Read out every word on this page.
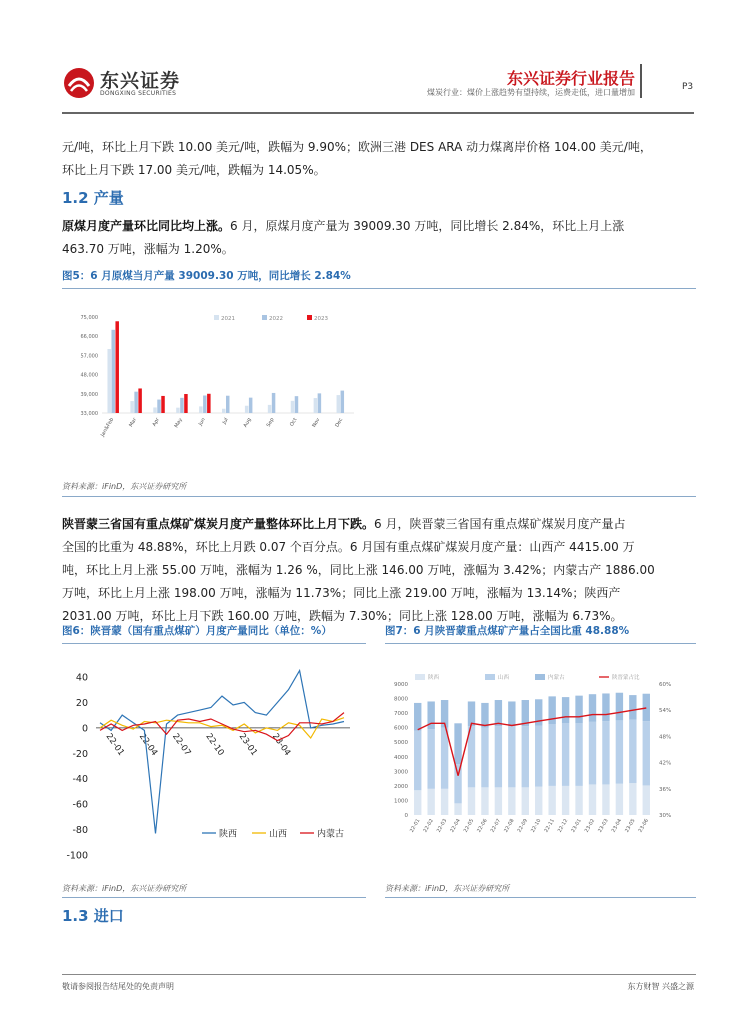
东兴证券
DONGXING SECURITIES
东兴证券行业报告
煤炭行业：煤价上涨趋势有望持续，运费走低，进口量增加
P3
元/吨，环比上月下跌 10.00 美元/吨，跌幅为 9.90%；欧洲三港 DES ARA 动力煤离岸价格 104.00 美元/吨，
环比上月下跌 17.00 美元/吨，跌幅为 14.05%。
1.2 产量
原煤月度产量环比同比均上涨。6 月，原煤月度产量为 39009.30 万吨，同比增长 2.84%，环比上月上涨
463.70 万吨，涨幅为 1.20%。
图5：6 月原煤当月产量 39009.30 万吨，同比增长 2.84%
33,000
39,000
48,000
57,000
66,000
75,000	2021	2022	2023
Jan&Feb	Mar	Apr	May	Jun	Jul	Aug	Sep	Oct	Nov	Dec
资料来源：iFinD，东兴证券研究所
陕晋蒙三省国有重点煤矿煤炭月度产量整体环比上月下跌。6 月，陕晋蒙三省国有重点煤矿煤炭月度产量占
全国的比重为 48.88%，环比上月跌 0.07 个百分点。6 月国有重点煤矿煤炭月度产量：山西产 4415.00 万
吨，环比上月上涨 55.00 万吨，涨幅为 1.26 %，同比上涨 146.00 万吨，涨幅为 3.42%；内蒙古产 1886.00
万吨，环比上月上涨 198.00 万吨，涨幅为 11.73%；同比上涨 219.00 万吨，涨幅为 13.14%；陕西产
2031.00 万吨，环比上月下跌 160.00 万吨，跌幅为 7.30%；同比上涨 128.00 万吨，涨幅为 6.73%。
图6：陕晋蒙（国有重点煤矿）月度产量同比（单位：%）	图7：6 月陕晋蒙重点煤矿产量占全国比重 48.88%
40
20
0
-20
-40
-60
-80
-100
22-01 22-04 22-07 22-10 23-01 23-04
陕西	山西	内蒙古
0
1000
2000
3000
4000
5000
6000
7000
8000
9000
30%
36%
42%
48%
54%
60%
22-01 22-02 22-03 22-04 22-05 22-06 22-07 22-08 22-09 22-10 22-11 22-12 23-01 23-02 23-03 23-04 23-05 23-06
陕西	山西	内蒙古	陕晋蒙占比
资料来源：iFinD，东兴证券研究所	资料来源：iFinD，东兴证券研究所
1.3 进口
敬请参阅报告结尾处的免责声明	东方财智 兴盛之源
